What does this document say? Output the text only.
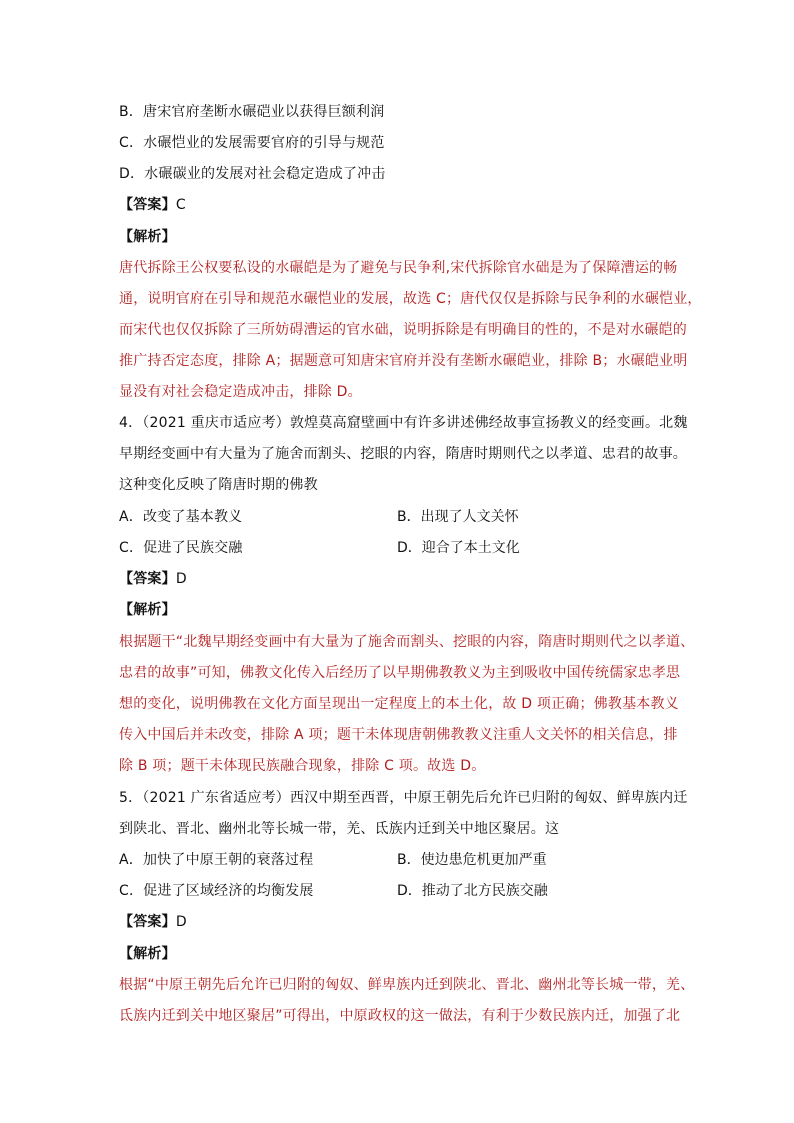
B．唐宋官府垄断水碾硙业以获得巨额利润
C．水碾恺业的发展需要官府的引导与规范
D．水碾碳业的发展对社会稳定造成了冲击
【答案】C
【解析】
唐代拆除王公权要私设的水碾皑是为了避免与民争利,宋代拆除官水础是为了保障漕运的畅
通，说明官府在引导和规范水碾恺业的发展，故选 C；唐代仅仅是拆除与民争利的水碾恺业，
而宋代也仅仅拆除了三所妨碍漕运的官水础，说明拆除是有明确目的性的，不是对水碾皑的
推广持否定态度，排除 A；据题意可知唐宋官府并没有垄断水碾皑业，排除 B；水碾皑业明
显没有对社会稳定造成冲击，排除 D。
4．（2021 重庆市适应考）敦煌莫高窟壁画中有许多讲述佛经故事宣扬教义的经变画。北魏
早期经变画中有大量为了施舍而割头、挖眼的内容，隋唐时期则代之以孝道、忠君的故事。
这种变化反映了隋唐时期的佛教
A．改变了基本教义	B．出现了人文关怀
C．促进了民族交融	D．迎合了本土文化
【答案】D
【解析】
根据题干“北魏早期经变画中有大量为了施舍而割头、挖眼的内容，隋唐时期则代之以孝道、
忠君的故事”可知，佛教文化传入后经历了以早期佛教教义为主到吸收中国传统儒家忠孝思
想的变化，说明佛教在文化方面呈现出一定程度上的本土化，故 D 项正确；佛教基本教义
传入中国后并未改变，排除 A 项；题干未体现唐朝佛教教义注重人文关怀的相关信息，排
除 B 项；题干未体现民族融合现象，排除 C 项。故选 D。
5．（2021 广东省适应考）西汉中期至西晋，中原王朝先后允许已归附的匈奴、鲜卑族内迁
到陕北、晋北、幽州北等长城一带，羌、氐族内迁到关中地区聚居。这
A．加快了中原王朝的衰落过程	B．使边患危机更加严重
C．促进了区域经济的均衡发展	D．推动了北方民族交融
【答案】D
【解析】
根据“中原王朝先后允许已归附的匈奴、鲜卑族内迁到陕北、晋北、幽州北等长城一带，羌、
氐族内迁到关中地区聚居”可得出，中原政权的这一做法，有利于少数民族内迁，加强了北
